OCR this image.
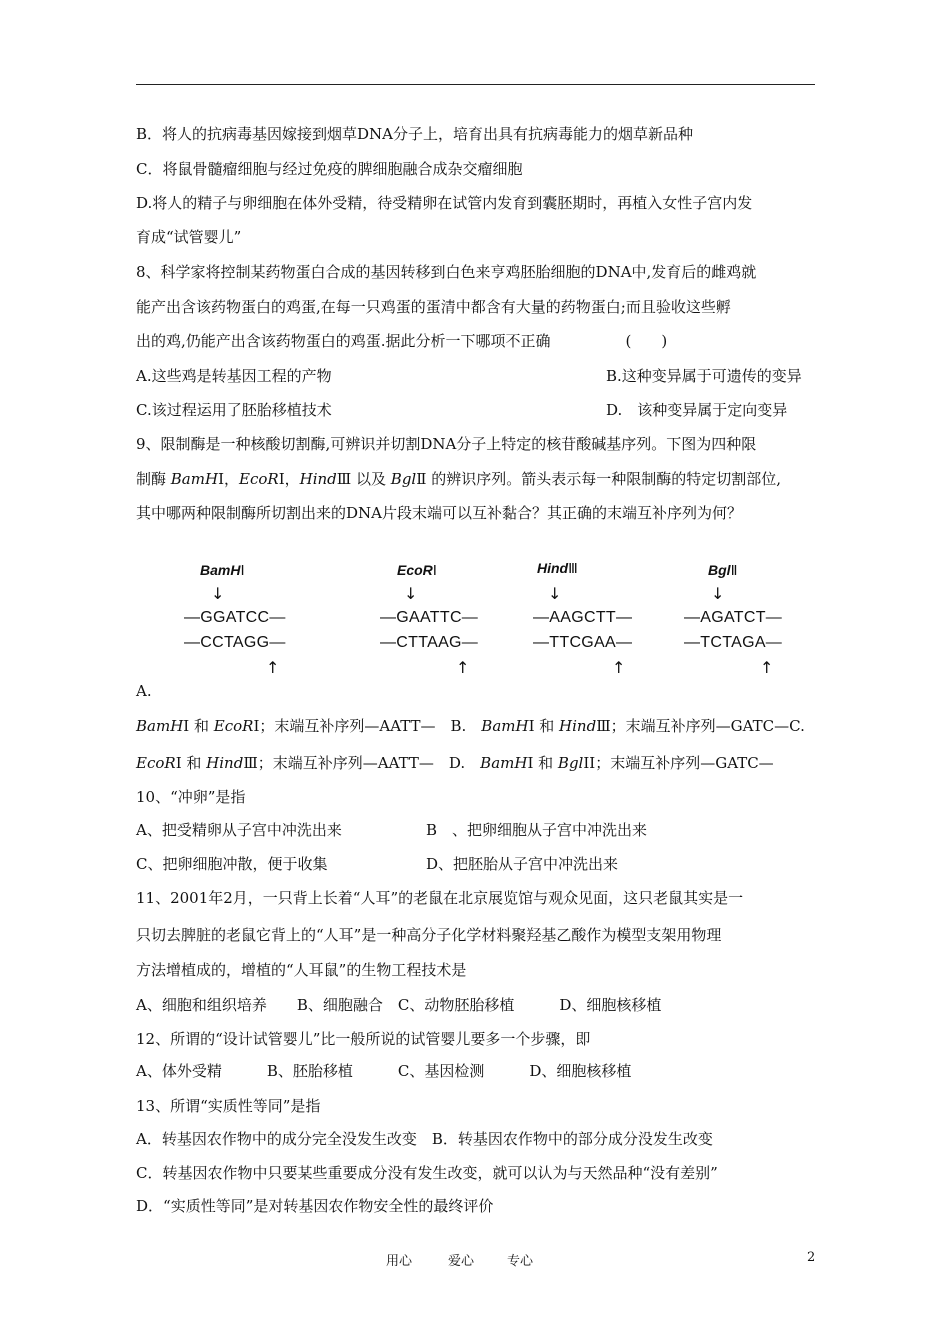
B．将人的抗病毒基因嫁接到烟草DNA分子上，培育出具有抗病毒能力的烟草新品种
C．将鼠骨髓瘤细胞与经过免疫的脾细胞融合成杂交瘤细胞
D.将人的精子与卵细胞在体外受精，待受精卵在试管内发育到囊胚期时，再植入女性子宫内发
育成“试管婴儿”
8、科学家将控制某药物蛋白合成的基因转移到白色来亨鸡胚胎细胞的DNA中,发育后的雌鸡就
能产出含该药物蛋白的鸡蛋,在每一只鸡蛋的蛋清中都含有大量的药物蛋白;而且验收这些孵
出的鸡,仍能产出含该药物蛋白的鸡蛋.据此分析一下哪项不正确　　　　　(　　)
A.这些鸡是转基因工程的产物	B.这种变异属于可遗传的变异
C.该过程运用了胚胎移植技术	D.　该种变异属于定向变异
9、限制酶是一种核酸切割酶,可辨识并切割DNA分子上特定的核苷酸碱基序列。下图为四种限
制酶 BamHⅠ，EcoRⅠ，HindⅢ 以及 BglⅡ 的辨识序列。箭头表示每一种限制酶的特定切割部位,
其中哪两种限制酶所切割出来的DNA片段末端可以互补黏合？其正确的末端互补序列为何？
BamHⅠ	EcoRⅠ	HindⅢ	BglⅡ
↓	↓	↓	↓
—GGATCC—	—GAATTC—	—AAGCTT—	—AGATCT—
—CCTAGG—	—CTTAAG—	—TTCGAA—	—TCTAGA—
↑	↑	↑	↑
A.
BamHⅠ 和 EcoRⅠ；末端互补序列—AATT—　B.　BamHⅠ 和 HindⅢ；末端互补序列—GATC—C.
EcoRⅠ 和 HindⅢ；末端互补序列—AATT—　D.　BamHⅠ 和 BglⅠI；末端互补序列—GATC—
10、“冲卵”是指
A、把受精卵从子宫中冲洗出来	B　、把卵细胞从子宫中冲洗出来
C、把卵细胞冲散，便于收集	D、把胚胎从子宫中冲洗出来
11、2001年2月，一只背上长着“人耳”的老鼠在北京展览馆与观众见面，这只老鼠其实是一
只切去脾脏的老鼠它背上的“人耳”是一种高分子化学材料聚羟基乙酸作为模型支架用物理
方法增植成的，增植的“人耳鼠”的生物工程技术是
A、细胞和组织培养　　B、细胞融合　C、动物胚胎移植　　　D、细胞核移植
12、所谓的“设计试管婴儿”比一般所说的试管婴儿要多一个步骤，即
A、体外受精　　　B、胚胎移植　　　C、基因检测　　　D、细胞核移植
13、所谓“实质性等同”是指
A．转基因农作物中的成分完全没发生改变　B．转基因农作物中的部分成分没发生改变
C．转基因农作物中只要某些重要成分没有发生改变，就可以认为与天然品种“没有差别”
D．“实质性等同”是对转基因农作物安全性的最终评价
用心	爱心	专心	2
